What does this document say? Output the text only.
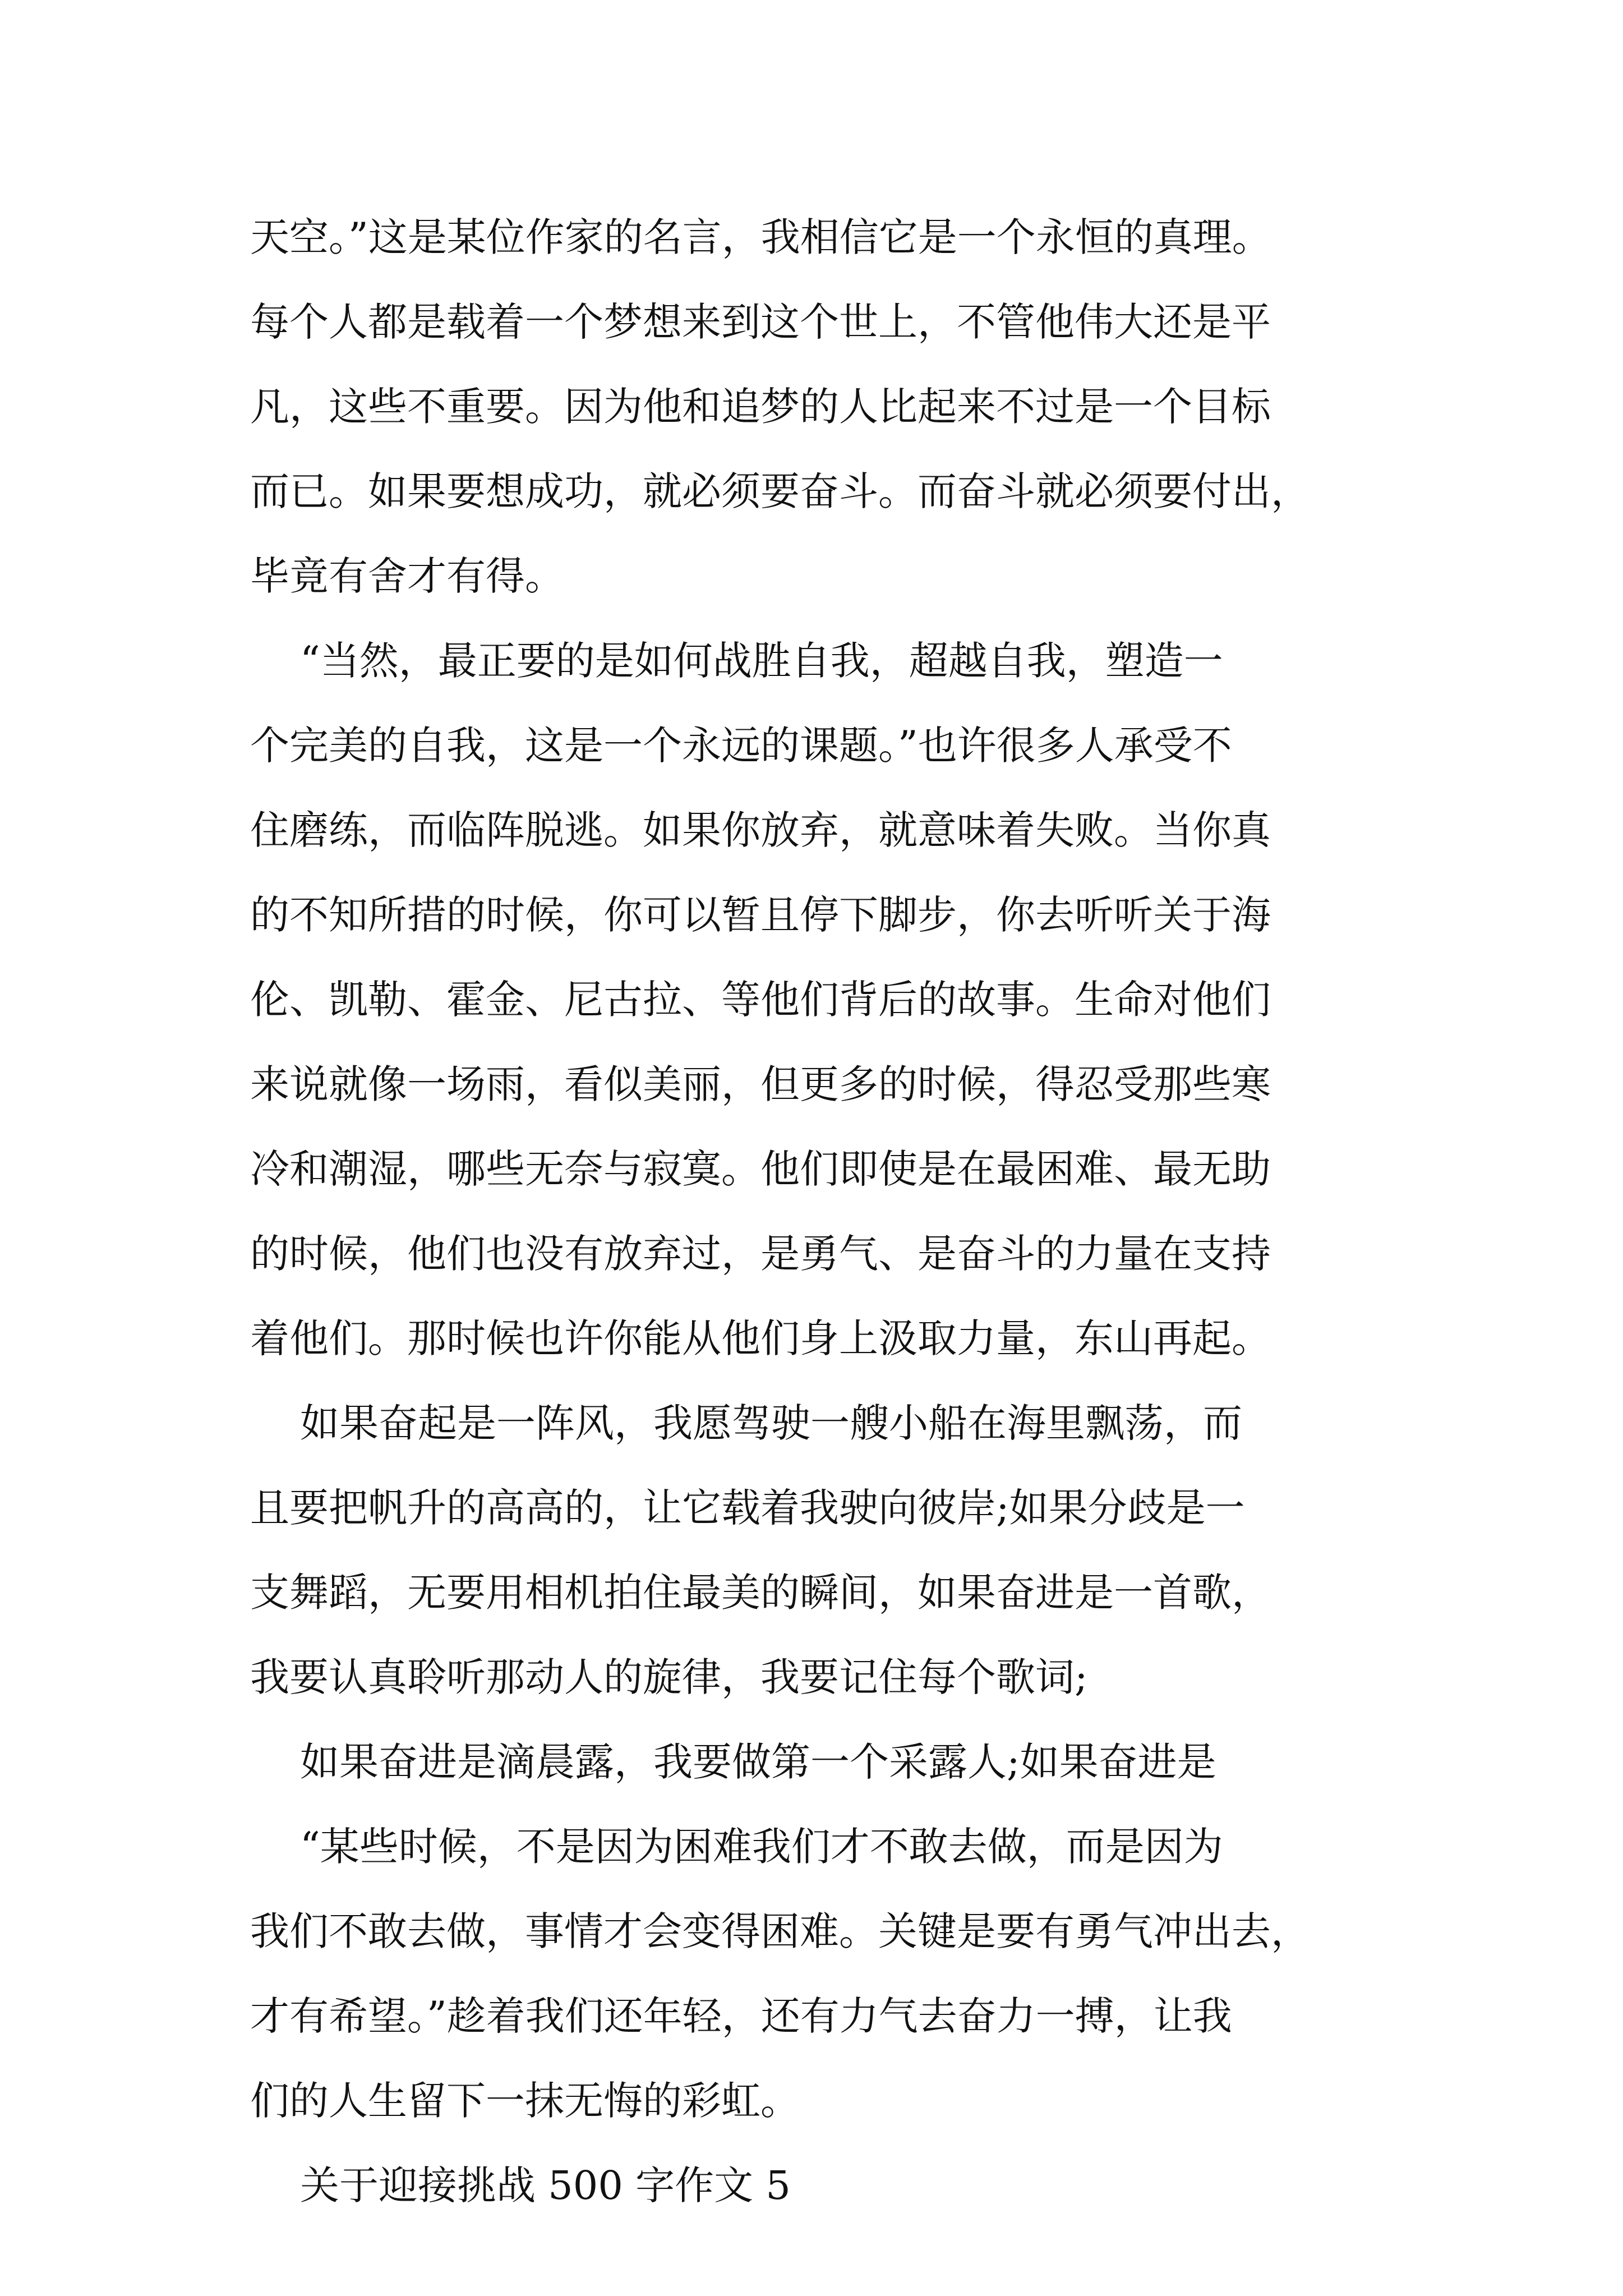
天空。”这是某位作家的名言，我相信它是一个永恒的真理。
每个人都是载着一个梦想来到这个世上，不管他伟大还是平
凡，这些不重要。因为他和追梦的人比起来不过是一个目标
而已。如果要想成功，就必须要奋斗。而奋斗就必须要付出，
毕竟有舍才有得。
“当然，最正要的是如何战胜自我，超越自我，塑造一
个完美的自我，这是一个永远的课题。”也许很多人承受不
住磨练，而临阵脱逃。如果你放弃，就意味着失败。当你真
的不知所措的时候，你可以暂且停下脚步，你去听听关于海
伦、凯勒、霍金、尼古拉、等他们背后的故事。生命对他们
来说就像一场雨，看似美丽，但更多的时候，得忍受那些寒
冷和潮湿，哪些无奈与寂寞。他们即使是在最困难、最无助
的时候，他们也没有放弃过，是勇气、是奋斗的力量在支持
着他们。那时候也许你能从他们身上汲取力量，东山再起。
如果奋起是一阵风，我愿驾驶一艘小船在海里飘荡，而
且要把帆升的高高的，让它载着我驶向彼岸;如果分歧是一
支舞蹈，无要用相机拍住最美的瞬间，如果奋进是一首歌，
我要认真聆听那动人的旋律，我要记住每个歌词;
如果奋进是滴晨露，我要做第一个采露人;如果奋进是
“某些时候，不是因为困难我们才不敢去做，而是因为
我们不敢去做，事情才会变得困难。关键是要有勇气冲出去，
才有希望。”趁着我们还年轻，还有力气去奋力一搏，让我
们的人生留下一抹无悔的彩虹。
关于迎接挑战 500 字作文 5
